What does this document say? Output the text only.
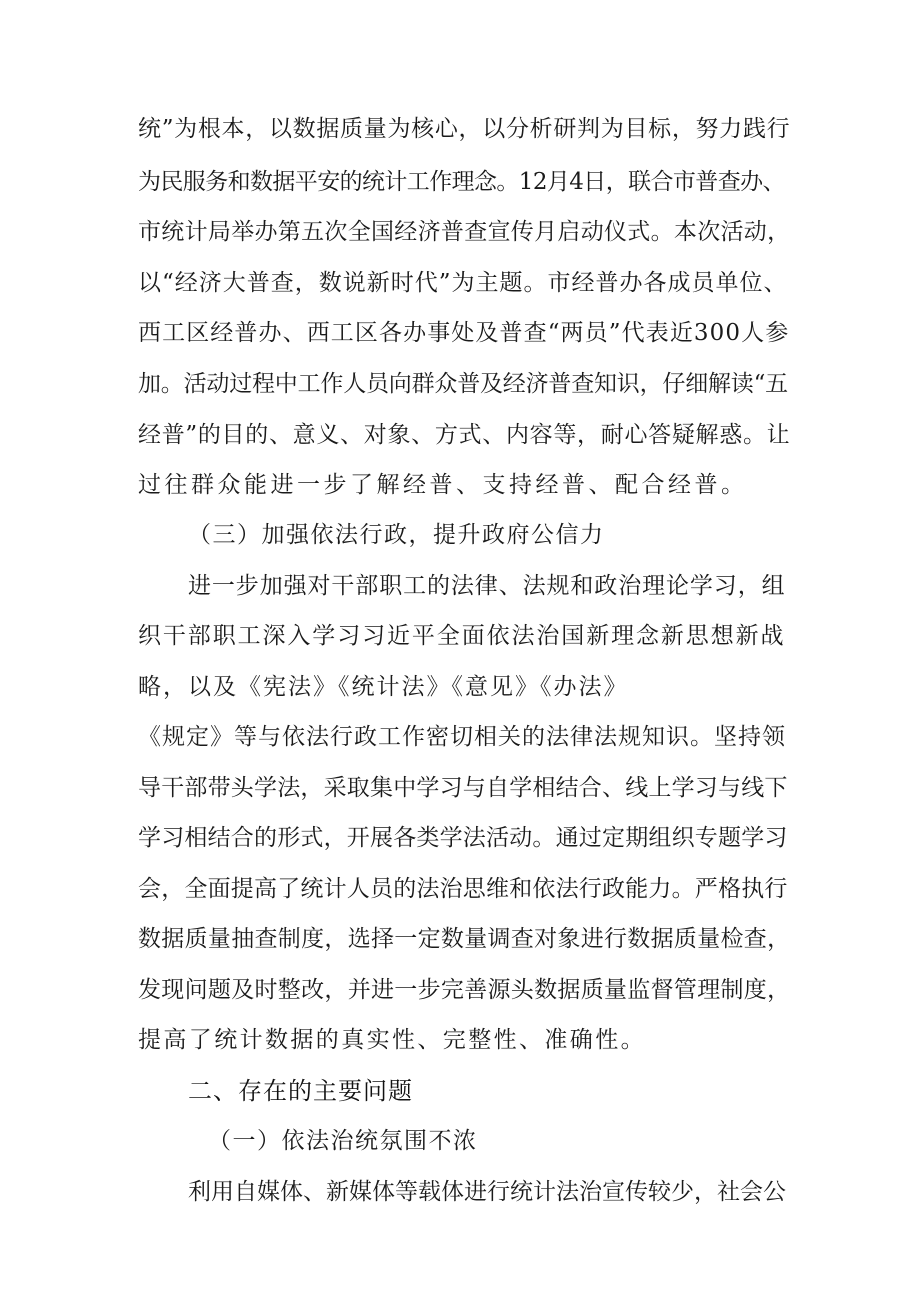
统”为根本，以数据质量为核心，以分析研判为目标，努力践行
为民服务和数据平安的统计工作理念。12月4日，联合市普查办、
市统计局举办第五次全国经济普查宣传月启动仪式。本次活动，
以“经济大普查，数说新时代”为主题。市经普办各成员单位、
西工区经普办、西工区各办事处及普查“两员”代表近300人参
加。活动过程中工作人员向群众普及经济普查知识，仔细解读“五
经普”的目的、意义、对象、方式、内容等，耐心答疑解惑。让
过往群众能进一步了解经普、支持经普、配合经普。
（三）加强依法行政，提升政府公信力
进一步加强对干部职工的法律、法规和政治理论学习，组
织干部职工深入学习习近平全面依法治国新理念新思想新战
略，以及《宪法》《统计法》《意见》《办法》
《规定》等与依法行政工作密切相关的法律法规知识。坚持领
导干部带头学法，采取集中学习与自学相结合、线上学习与线下
学习相结合的形式，开展各类学法活动。通过定期组织专题学习
会，全面提高了统计人员的法治思维和依法行政能力。严格执行
数据质量抽查制度，选择一定数量调查对象进行数据质量检查，
发现问题及时整改，并进一步完善源头数据质量监督管理制度，
提高了统计数据的真实性、完整性、准确性。
二、存在的主要问题
（一）依法治统氛围不浓
利用自媒体、新媒体等载体进行统计法治宣传较少，社会公
